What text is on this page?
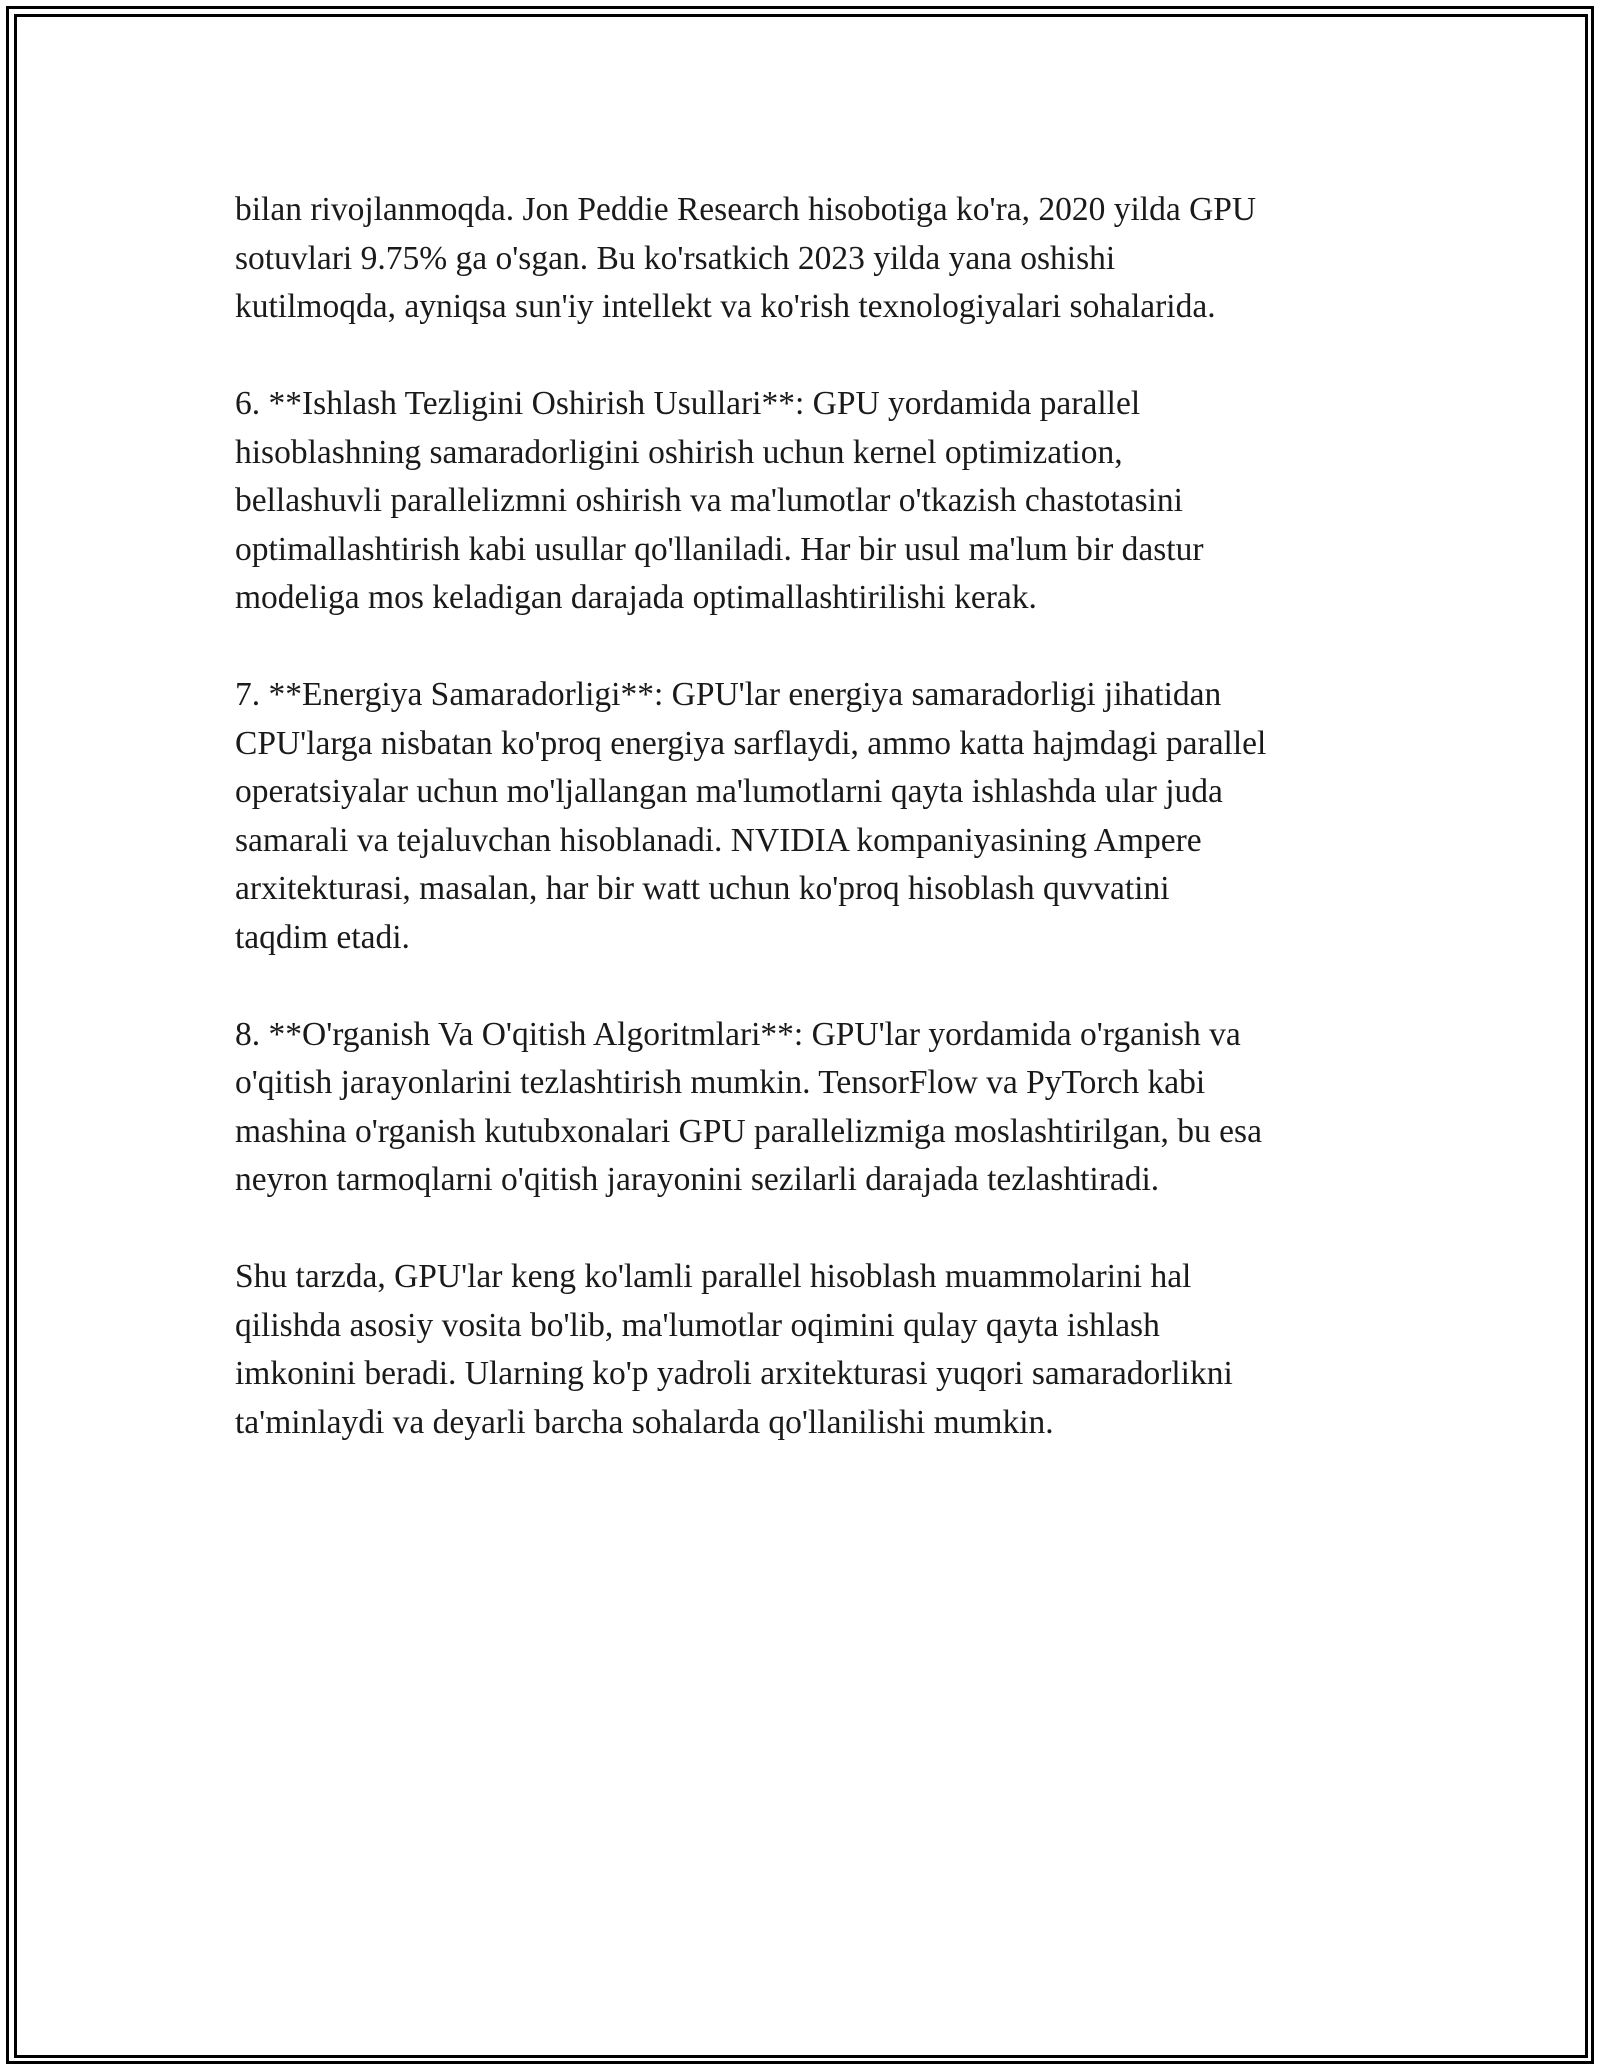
bilan rivojlanmoqda. Jon Peddie Research hisobotiga ko'ra, 2020 yilda GPU
sotuvlari 9.75% ga o'sgan. Bu ko'rsatkich 2023 yilda yana oshishi
kutilmoqda, ayniqsa sun'iy intellekt va ko'rish texnologiyalari sohalarida.

6. **Ishlash Tezligini Oshirish Usullari**: GPU yordamida parallel
hisoblashning samaradorligini oshirish uchun kernel optimization,
bellashuvli parallelizmni oshirish va ma'lumotlar o'tkazish chastotasini
optimallashtirish kabi usullar qo'llaniladi. Har bir usul ma'lum bir dastur
modeliga mos keladigan darajada optimallashtirilishi kerak.

7. **Energiya Samaradorligi**: GPU'lar energiya samaradorligi jihatidan
CPU'larga nisbatan ko'proq energiya sarflaydi, ammo katta hajmdagi parallel
operatsiyalar uchun mo'ljallangan ma'lumotlarni qayta ishlashda ular juda
samarali va tejaluvchan hisoblanadi. NVIDIA kompaniyasining Ampere
arxitekturasi, masalan, har bir watt uchun ko'proq hisoblash quvvatini
taqdim etadi.

8. **O'rganish Va O'qitish Algoritmlari**: GPU'lar yordamida o'rganish va
o'qitish jarayonlarini tezlashtirish mumkin. TensorFlow va PyTorch kabi
mashina o'rganish kutubxonalari GPU parallelizmiga moslashtirilgan, bu esa
neyron tarmoqlarni o'qitish jarayonini sezilarli darajada tezlashtiradi.

Shu tarzda, GPU'lar keng ko'lamli parallel hisoblash muammolarini hal
qilishda asosiy vosita bo'lib, ma'lumotlar oqimini qulay qayta ishlash
imkonini beradi. Ularning ko'p yadroli arxitekturasi yuqori samaradorlikni
ta'minlaydi va deyarli barcha sohalarda qo'llanilishi mumkin.
